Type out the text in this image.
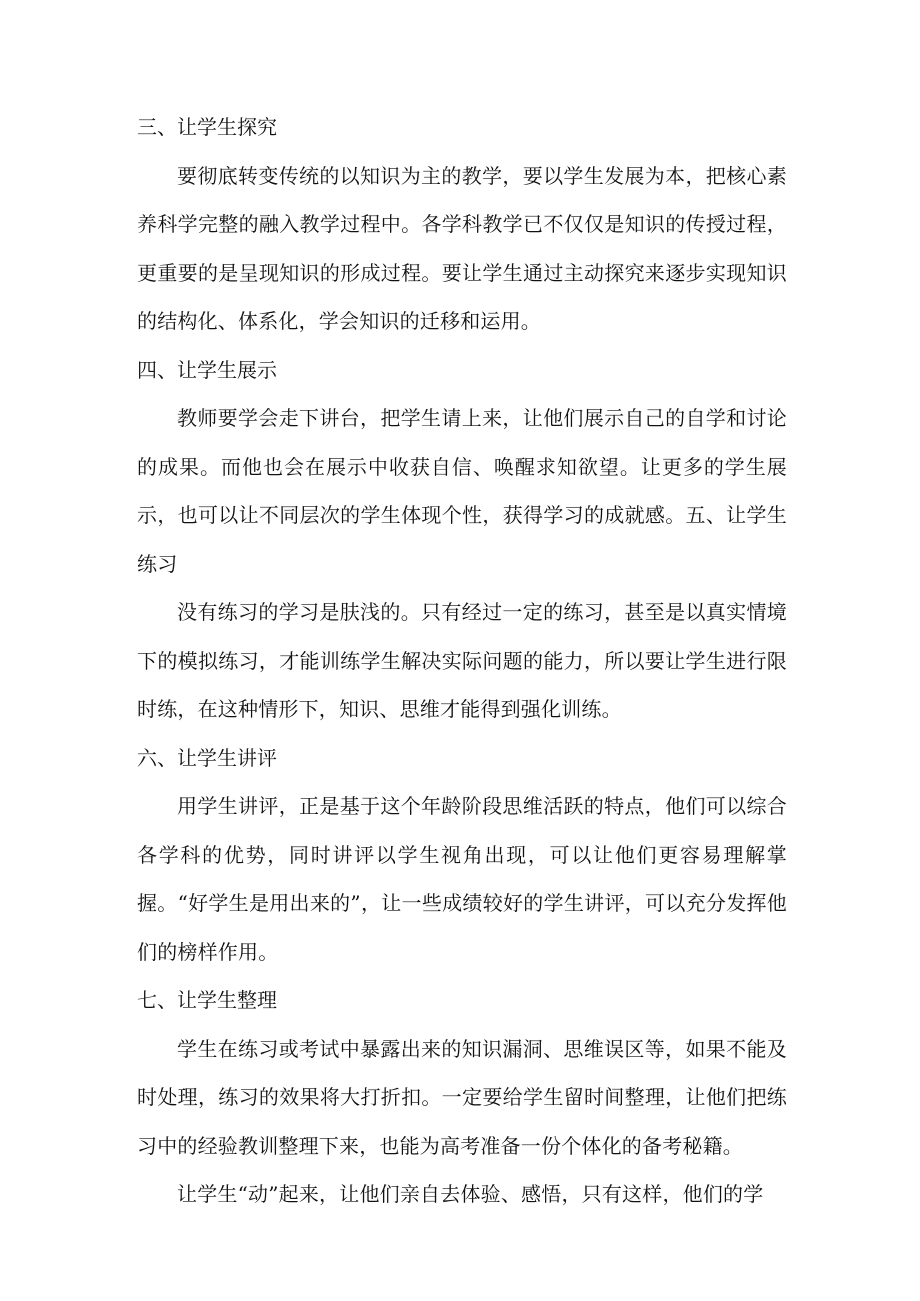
三、让学生探究

要彻底转变传统的以知识为主的教学，要以学生发展为本，把核心素养科学完整的融入教学过程中。各学科教学已不仅仅是知识的传授过程，更重要的是呈现知识的形成过程。要让学生通过主动探究来逐步实现知识的结构化、体系化，学会知识的迁移和运用。

四、让学生展示

教师要学会走下讲台，把学生请上来，让他们展示自己的自学和讨论的成果。而他也会在展示中收获自信、唤醒求知欲望。让更多的学生展示，也可以让不同层次的学生体现个性，获得学习的成就感。五、让学生练习

没有练习的学习是肤浅的。只有经过一定的练习，甚至是以真实情境下的模拟练习，才能训练学生解决实际问题的能力，所以要让学生进行限时练，在这种情形下，知识、思维才能得到强化训练。

六、让学生讲评

用学生讲评，正是基于这个年龄阶段思维活跃的特点，他们可以综合各学科的优势，同时讲评以学生视角出现，可以让他们更容易理解掌握。“好学生是用出来的”，让一些成绩较好的学生讲评，可以充分发挥他们的榜样作用。

七、让学生整理

学生在练习或考试中暴露出来的知识漏洞、思维误区等，如果不能及时处理，练习的效果将大打折扣。一定要给学生留时间整理，让他们把练习中的经验教训整理下来，也能为高考准备一份个体化的备考秘籍。

让学生“动”起来，让他们亲自去体验、感悟，只有这样，他们的学
